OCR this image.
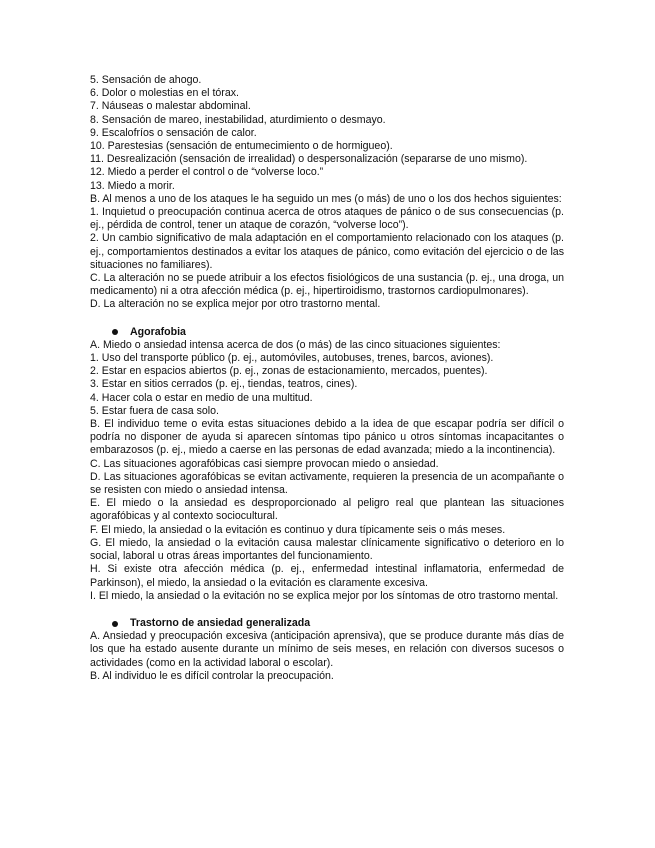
5. Sensación de ahogo.

6. Dolor o molestias en el tórax.

7. Náuseas o malestar abdominal.

8. Sensación de mareo, inestabilidad, aturdimiento o desmayo.

9. Escalofríos o sensación de calor.

10. Parestesias (sensación de entumecimiento o de hormigueo).

11. Desrealización (sensación de irrealidad) o despersonalización (separarse de uno mismo).

12. Miedo a perder el control o de “volverse loco.”

13. Miedo a morir.

B. Al menos a uno de los ataques le ha seguido un mes (o más) de uno o los dos hechos siguientes:

1. Inquietud o preocupación continua acerca de otros ataques de pánico o de sus consecuencias (p. ej., pérdida de control, tener un ataque de corazón, “volverse loco”).

2. Un cambio significativo de mala adaptación en el comportamiento relacionado con los ataques (p. ej., comportamientos destinados a evitar los ataques de pánico, como evitación del ejercicio o de las situaciones no familiares).

C. La alteración no se puede atribuir a los efectos fisiológicos de una sustancia (p. ej., una droga, un medicamento) ni a otra afección médica (p. ej., hipertiroidismo, trastornos cardiopulmonares).

D. La alteración no se explica mejor por otro trastorno mental.

Agorafobia

A. Miedo o ansiedad intensa acerca de dos (o más) de las cinco situaciones siguientes:

1. Uso del transporte público (p. ej., automóviles, autobuses, trenes, barcos, aviones).

2. Estar en espacios abiertos (p. ej., zonas de estacionamiento, mercados, puentes).

3. Estar en sitios cerrados (p. ej., tiendas, teatros, cines).

4. Hacer cola o estar en medio de una multitud.

5. Estar fuera de casa solo.

B. El individuo teme o evita estas situaciones debido a la idea de que escapar podría ser difícil o podría no disponer de ayuda si aparecen síntomas tipo pánico u otros síntomas incapacitantes o embarazosos (p. ej., miedo a caerse en las personas de edad avanzada; miedo a la incontinencia).

C. Las situaciones agorafóbicas casi siempre provocan miedo o ansiedad.

D. Las situaciones agorafóbicas se evitan activamente, requieren la presencia de un acompañante o se resisten con miedo o ansiedad intensa.

E. El miedo o la ansiedad es desproporcionado al peligro real que plantean las situaciones agorafóbicas y al contexto sociocultural.

F. El miedo, la ansiedad o la evitación es continuo y dura típicamente seis o más meses.

G. El miedo, la ansiedad o la evitación causa malestar clínicamente significativo o deterioro en lo social, laboral u otras áreas importantes del funcionamiento.

H. Si existe otra afección médica (p. ej., enfermedad intestinal inflamatoria, enfermedad de Parkinson), el miedo, la ansiedad o la evitación es claramente excesiva.

I. El miedo, la ansiedad o la evitación no se explica mejor por los síntomas de otro trastorno mental.

Trastorno de ansiedad generalizada

A. Ansiedad y preocupación excesiva (anticipación aprensiva), que se produce durante más días de los que ha estado ausente durante un mínimo de seis meses, en relación con diversos sucesos o actividades (como en la actividad laboral o escolar).

B. Al individuo le es difícil controlar la preocupación.
